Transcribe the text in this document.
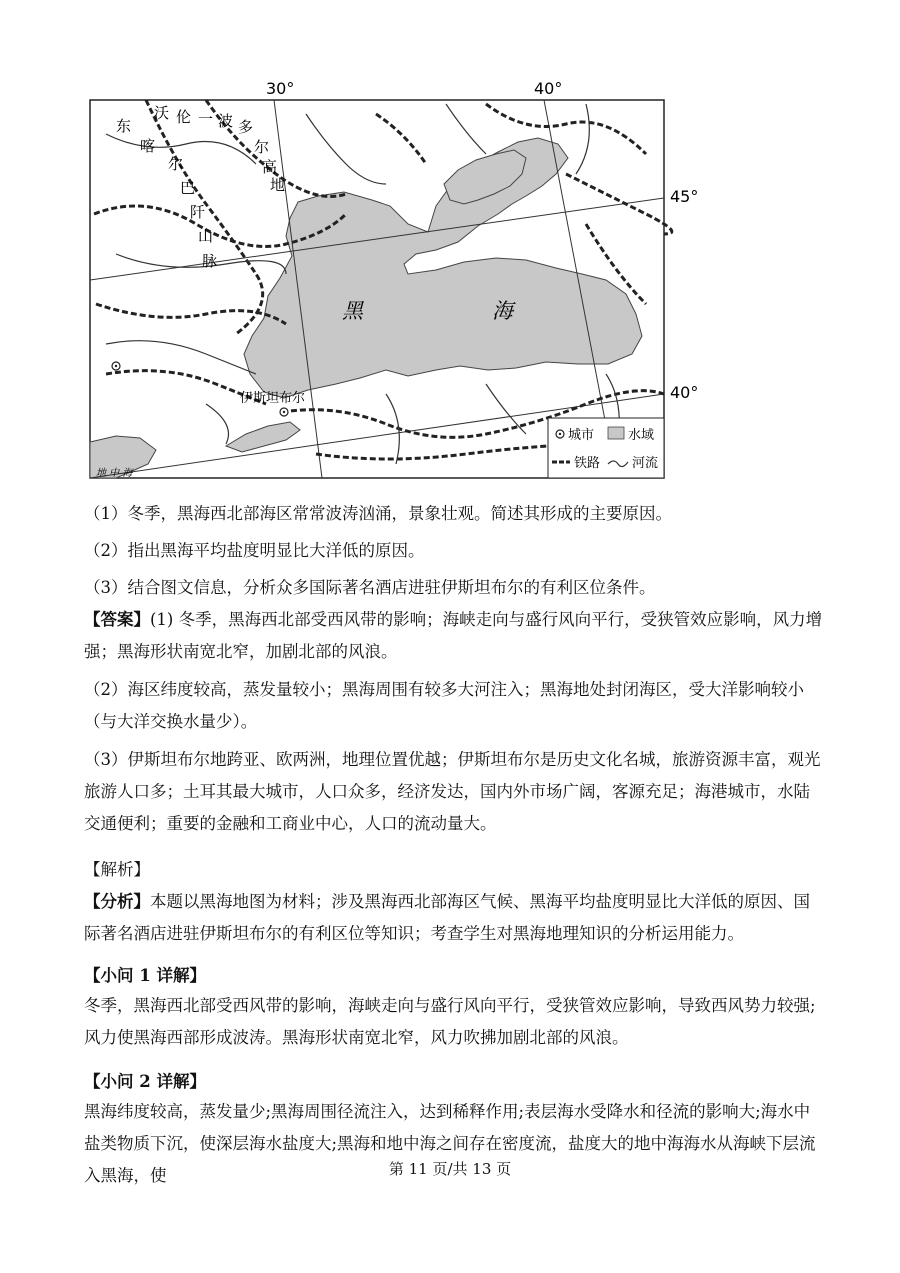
30°	40°
东
喀
尔
巴
阡
山
脉
沃 伦 一 波 多
尔
高
地
45°
40°
黑	海
伊斯坦布尔
地 中 海
城市	水域
铁路 河流
（1）冬季，黑海西北部海区常常波涛汹涌，景象壮观。简述其形成的主要原因。
（2）指出黑海平均盐度明显比大洋低的原因。
（3）结合图文信息，分析众多国际著名酒店进驻伊斯坦布尔的有利区位条件。
【答案】(1) 冬季，黑海西北部受西风带的影响；海峡走向与盛行风向平行，受狭管效应影响，风力增强；黑海形状南宽北窄，加剧北部的风浪。
（2）海区纬度较高，蒸发量较小；黑海周围有较多大河注入；黑海地处封闭海区，受大洋影响较小（与大洋交换水量少）。
（3）伊斯坦布尔地跨亚、欧两洲，地理位置优越；伊斯坦布尔是历史文化名城，旅游资源丰富，观光旅游人口多；土耳其最大城市，人口众多，经济发达，国内外市场广阔，客源充足；海港城市，水陆交通便利；重要的金融和工商业中心，人口的流动量大。
【解析】
【分析】本题以黑海地图为材料；涉及黑海西北部海区气候、黑海平均盐度明显比大洋低的原因、国际著名酒店进驻伊斯坦布尔的有利区位等知识；考查学生对黑海地理知识的分析运用能力。
【小问 1 详解】
冬季，黑海西北部受西风带的影响，海峡走向与盛行风向平行，受狭管效应影响，导致西风势力较强;风力使黑海西部形成波涛。黑海形状南宽北窄，风力吹拂加剧北部的风浪。
【小问 2 详解】
黑海纬度较高，蒸发量少;黑海周围径流注入，达到稀释作用;表层海水受降水和径流的影响大;海水中盐类物质下沉，使深层海水盐度大;黑海和地中海之间存在密度流，盐度大的地中海海水从海峡下层流入黑海，使	第 11 页/共 13 页
